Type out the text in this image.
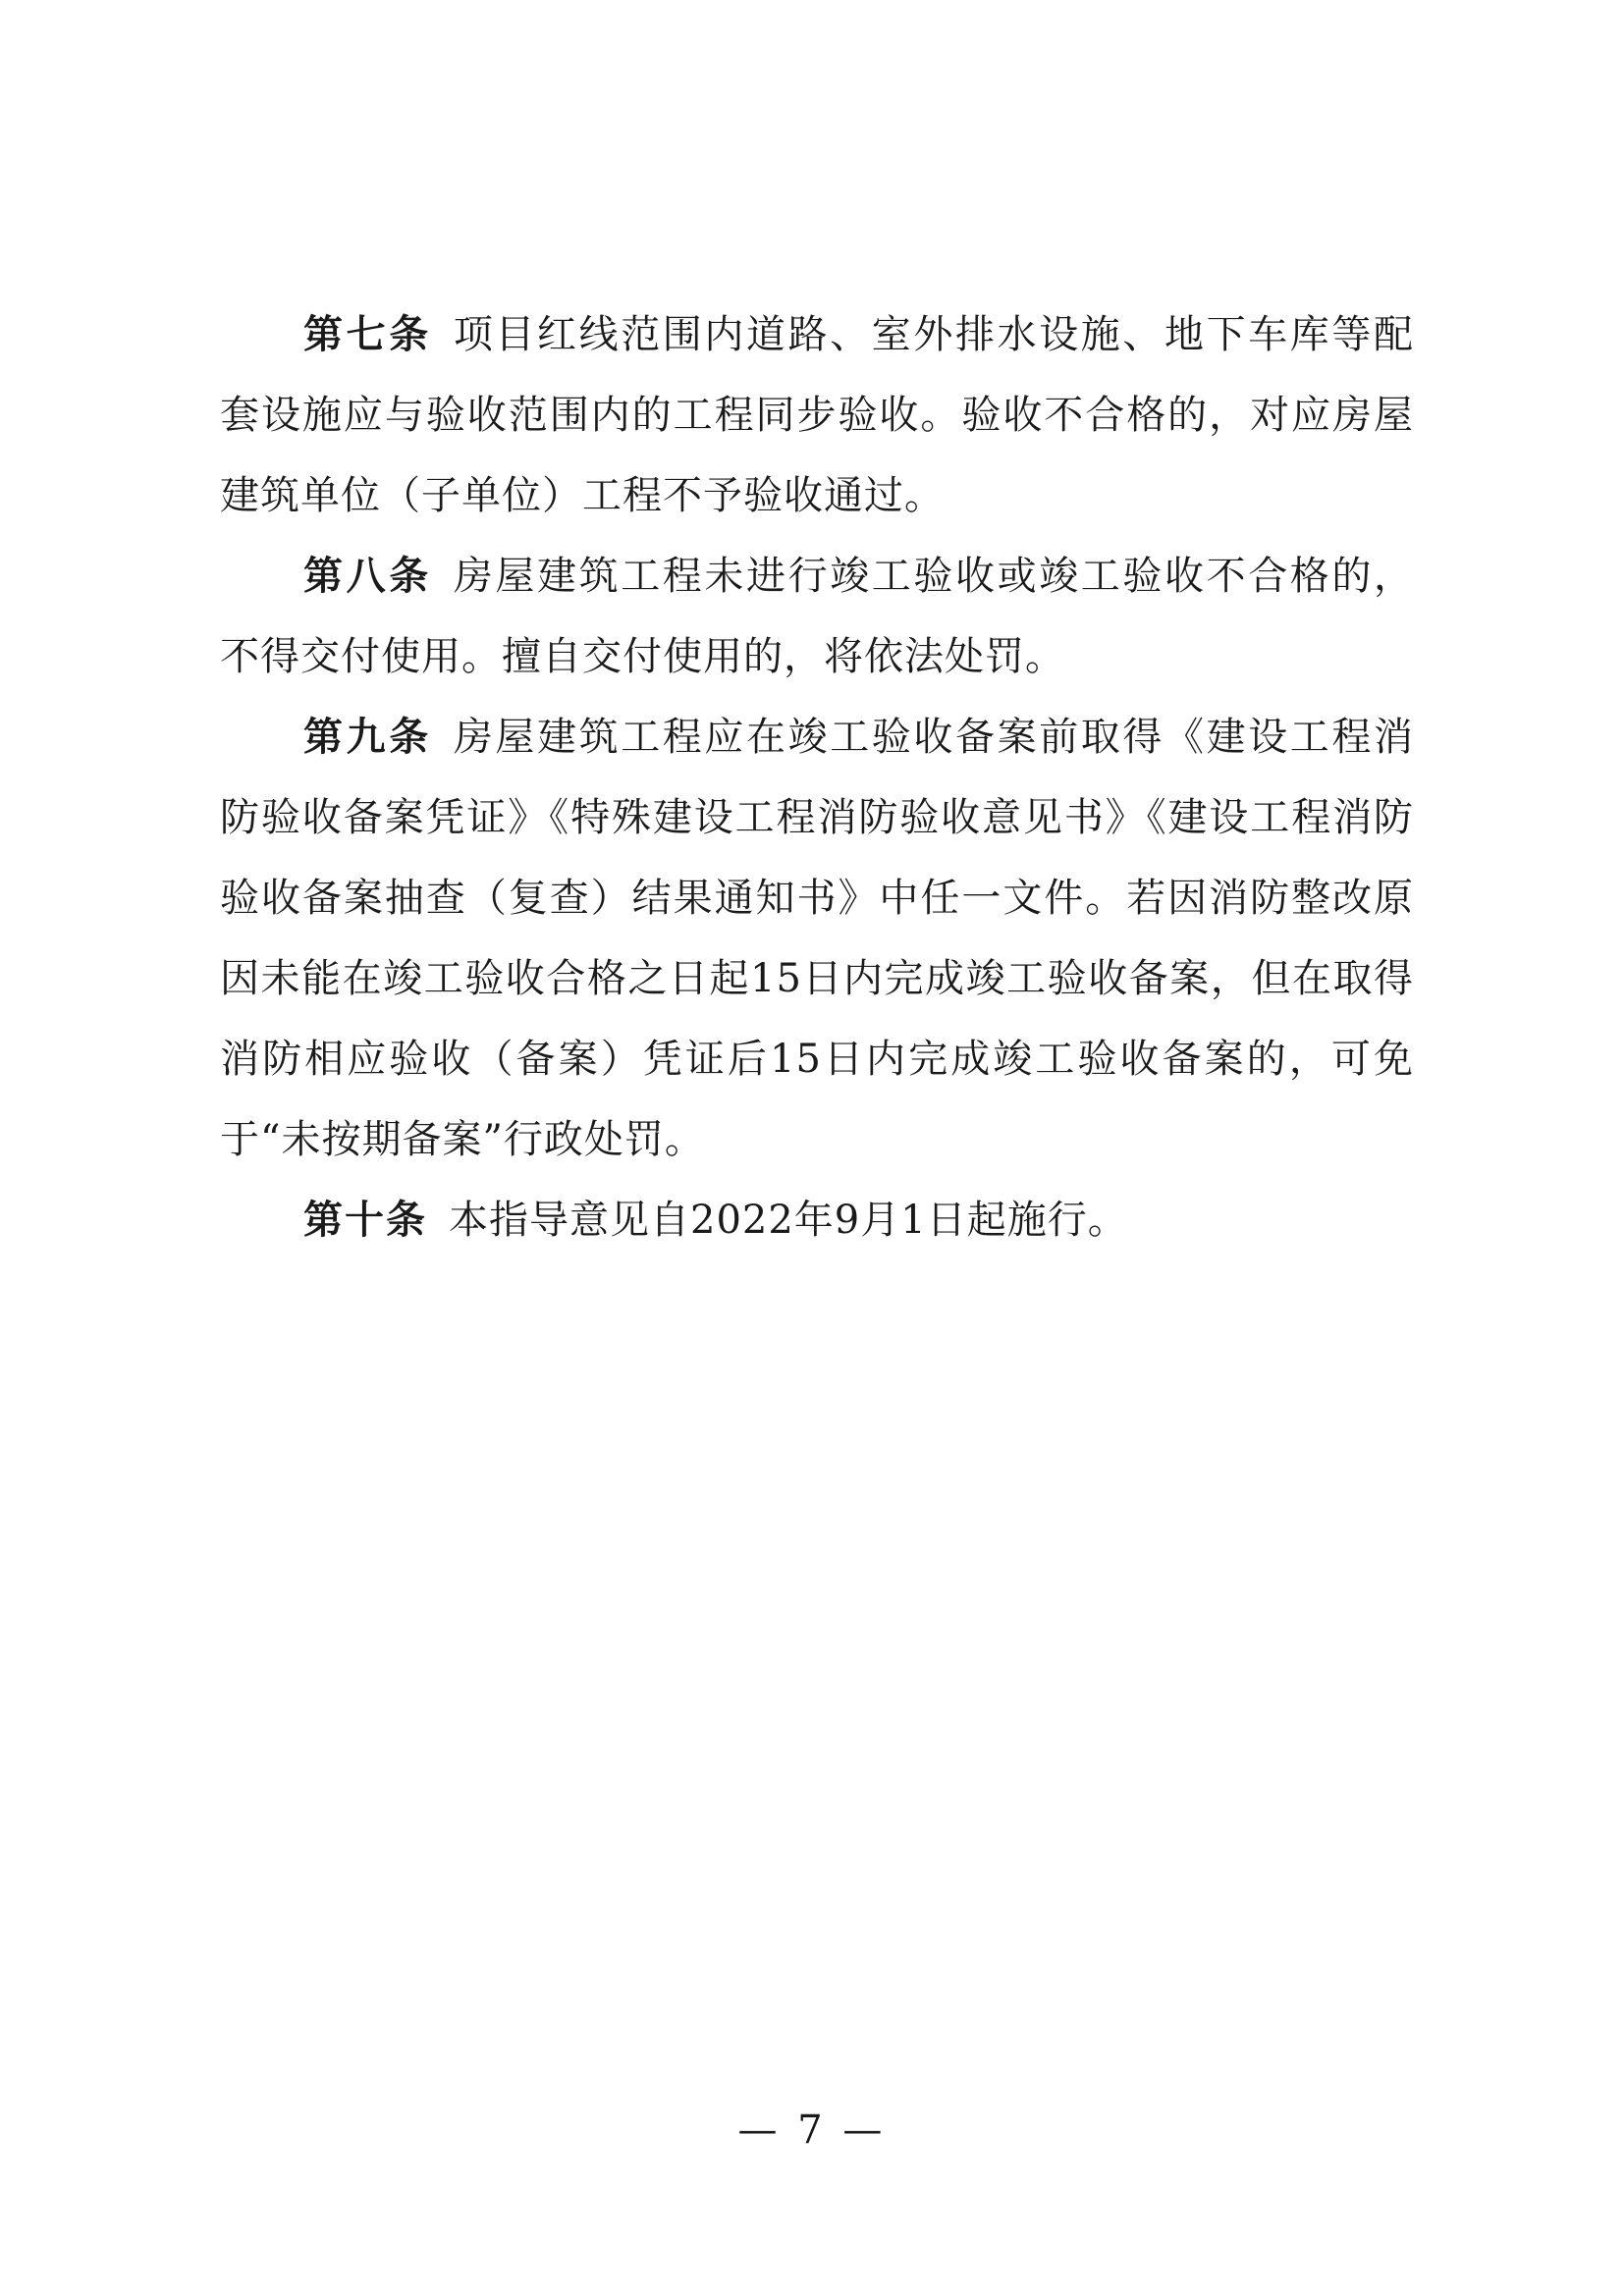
第七条 项目红线范围内道路、室外排水设施、地下车库等配套设施应与验收范围内的工程同步验收。验收不合格的，对应房屋建筑单位（子单位）工程不予验收通过。

第八条 房屋建筑工程未进行竣工验收或竣工验收不合格的，不得交付使用。擅自交付使用的，将依法处罚。

第九条 房屋建筑工程应在竣工验收备案前取得《建设工程消防验收备案凭证》《特殊建设工程消防验收意见书》《建设工程消防验收备案抽查（复查）结果通知书》中任一文件。若因消防整改原因未能在竣工验收合格之日起15日内完成竣工验收备案，但在取得消防相应验收（备案）凭证后15日内完成竣工验收备案的，可免于“未按期备案”行政处罚。

第十条 本指导意见自2022年9月1日起施行。

— 7 —
